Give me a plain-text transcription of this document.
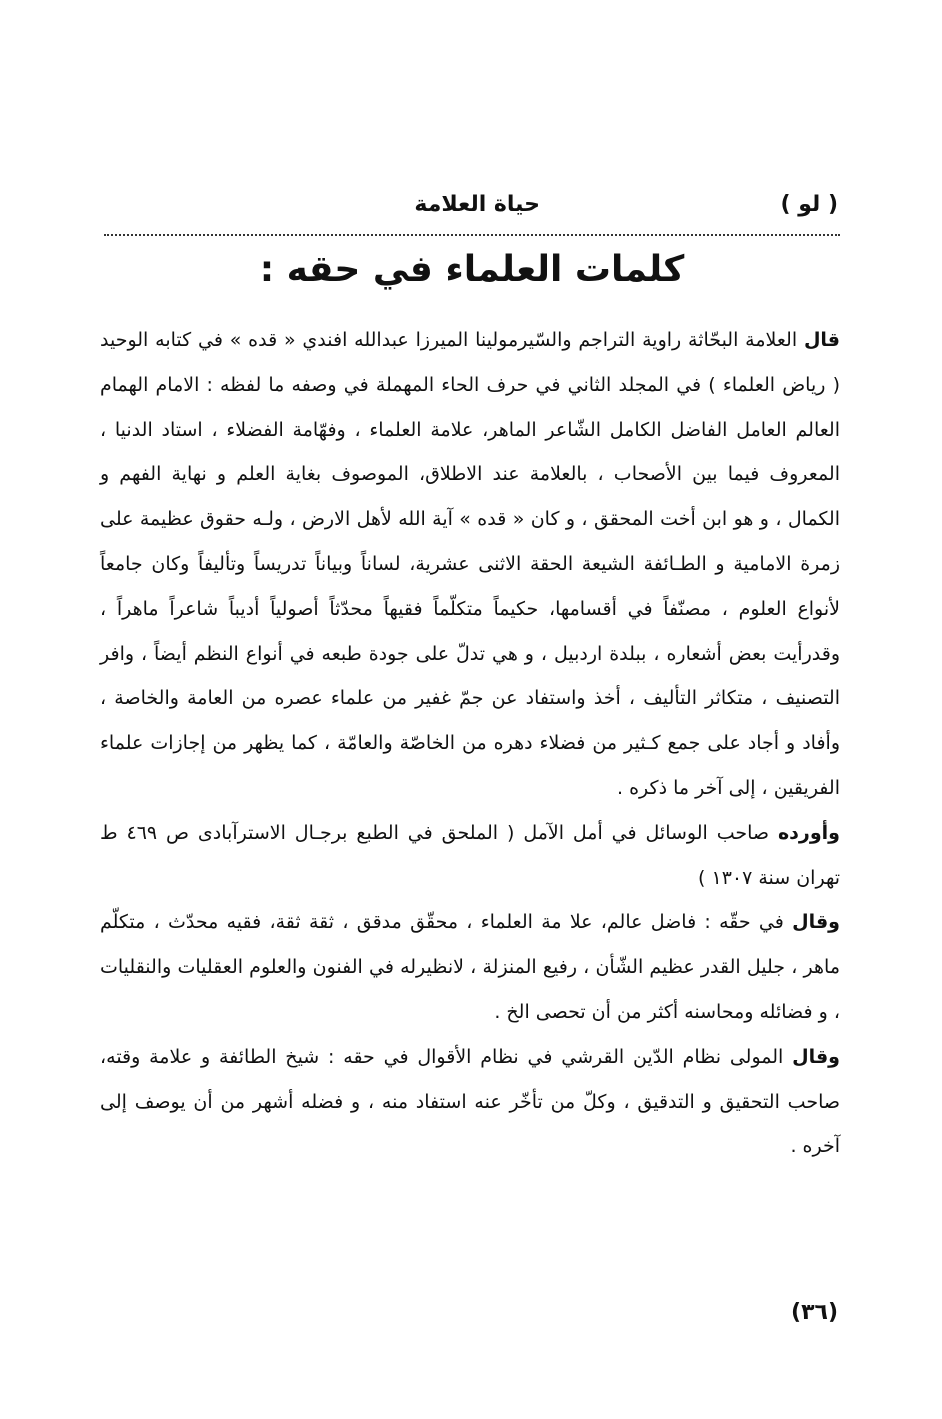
( لو )
حياة العلامة
كلمات العلماء في حقه :

قال العلامة البحّاثة راوية التراجم والسّيرمولينا الميرزا عبدالله افندي « قده » في كتابه الوحيد ( رياض العلماء ) في المجلد الثاني في حرف الحاء المهملة في وصفه ما لفظه : الامام الهمام العالم العامل الفاضل الكامل الشّاعر الماهر، علامة العلماء ، وفهّامة الفضلاء ، استاد الدنيا ، المعروف فيما بين الأصحاب ، بالعلامة عند الاطلاق، الموصوف بغاية العلم و نهاية الفهم و الكمال ، و هو ابن أخت المحقق ، و كان « قده » آية الله لأهل الارض ، ولـه حقوق عظيمة على زمرة الامامية و الطـائفة الشيعة الحقة الاثنى عشرية، لساناً وبياناً تدريساً وتأليفاً وكان جامعاً لأنواع العلوم ، مصنّفاً في أقسامها، حكيماً متكلّماً فقيهاً محدّثاً أصولياً أديباً شاعراً ماهراً ، وقدرأيت بعض أشعاره ، ببلدة اردبيل ، و هي تدلّ على جودة طبعه في أنواع النظم أيضاً ، وافر التصنيف ، متكاثر التأليف ، أخذ واستفاد عن جمّ غفير من علماء عصره من العامة والخاصة ، وأفاد و أجاد على جمع كـثير من فضلاء دهره من الخاصّة والعامّة ، كما يظهر من إجازات علماء الفريقين ، إلى آخر ما ذكره .

وأورده صاحب الوسائل في أمل الآمل ( الملحق في الطبع برجـال الاسترآبادى ص ٤٦٩ ط تهران سنة ١٣٠٧ )

وقال في حقّه : فاضل عالم، علا مة العلماء ، محقّق مدقق ، ثقة ثقة، فقيه محدّث ، متكلّم ماهر ، جليل القدر عظيم الشّأن ، رفيع المنزلة ، لانظيرله في الفنون والعلوم العقليات والنقليات ، و فضائله ومحاسنه أكثر من أن تحصى الخ .

وقال المولى نظام الدّين القرشي في نظام الأقوال في حقه : شيخ الطائفة و علامة وقته، صاحب التحقيق و التدقيق ، وكلّ من تأخّر عنه استفاد منه ، و فضله أشهر من أن يوصف إلى آخره .

(٣٦)
